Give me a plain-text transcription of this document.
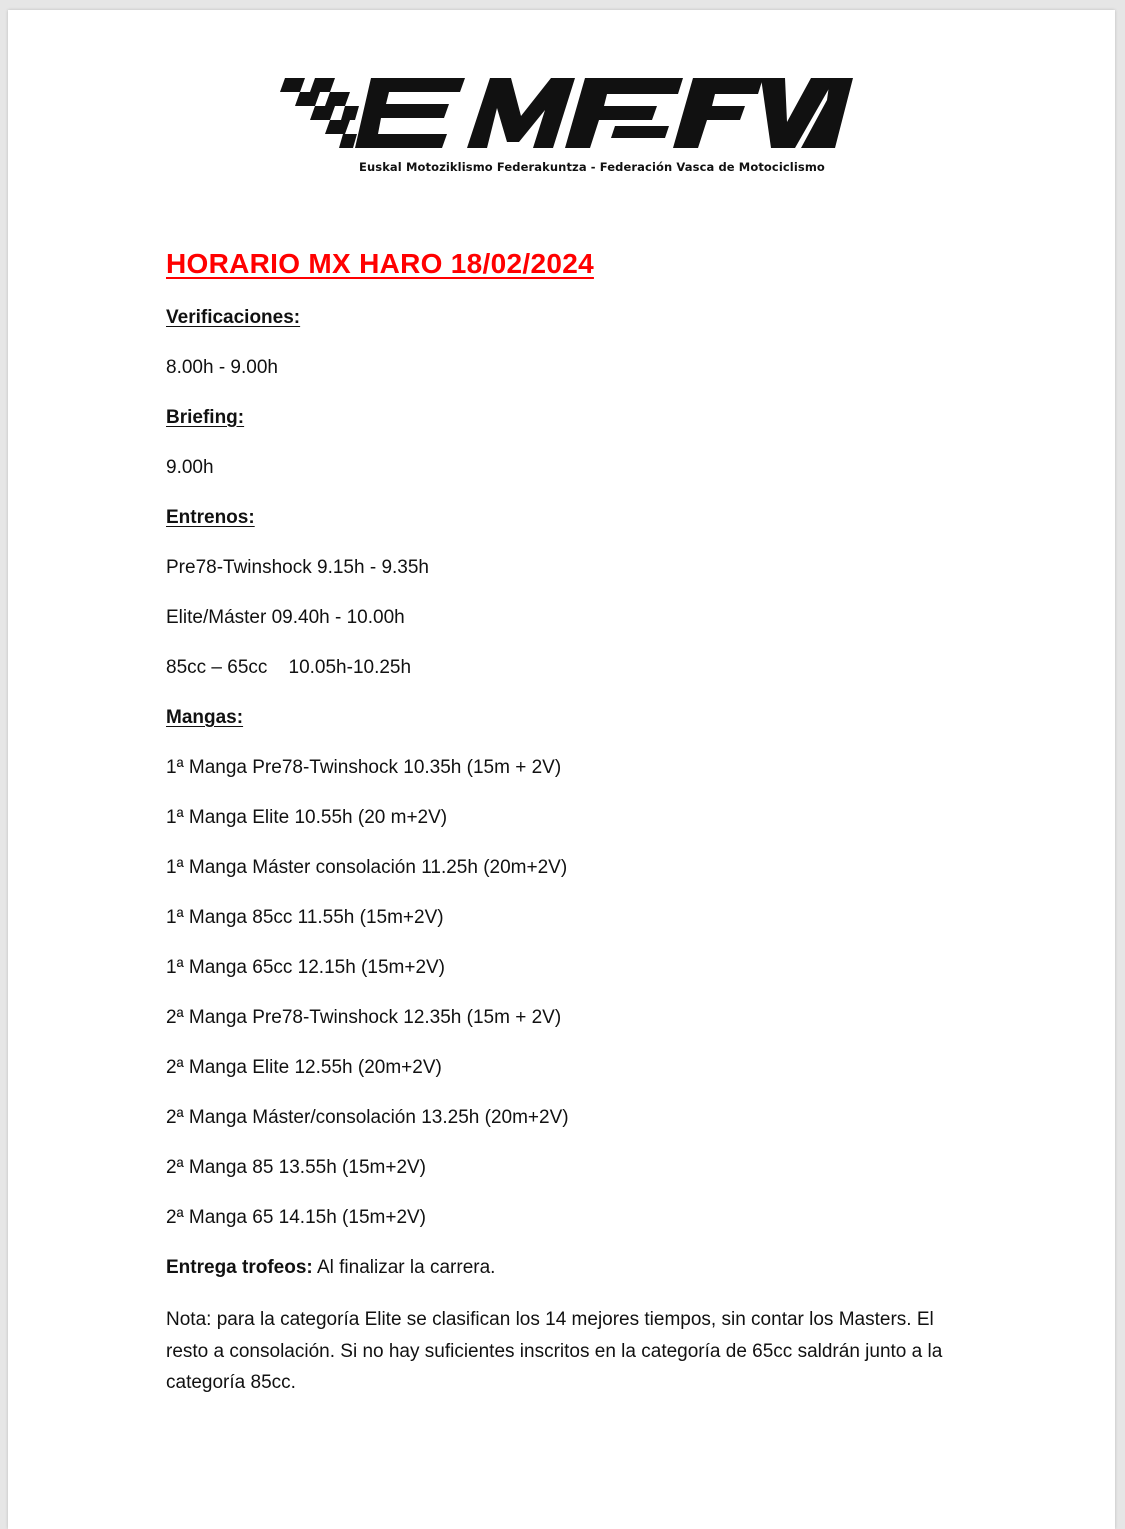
Euskal Motoziklismo Federakuntza - Federación Vasca de Motociclismo
HORARIO MX HARO 18/02/2024
Verificaciones:
8.00h - 9.00h
Briefing:
9.00h
Entrenos:
Pre78-Twinshock 9.15h - 9.35h
Elite/Máster 09.40h - 10.00h
85cc – 65cc    10.05h-10.25h
Mangas:
1ª Manga Pre78-Twinshock 10.35h (15m + 2V)
1ª Manga Elite 10.55h (20 m+2V)
1ª Manga Máster consolación 11.25h (20m+2V)
1ª Manga 85cc 11.55h (15m+2V)
1ª Manga 65cc 12.15h (15m+2V)
2ª Manga Pre78-Twinshock 12.35h (15m + 2V)
2ª Manga Elite 12.55h (20m+2V)
2ª Manga Máster/consolación 13.25h (20m+2V)
2ª Manga 85 13.55h (15m+2V)
2ª Manga 65 14.15h (15m+2V)
Entrega trofeos: Al finalizar la carrera.
Nota: para la categoría Elite se clasifican los 14 mejores tiempos, sin contar los Masters. El resto a consolación. Si no hay suficientes inscritos en la categoría de 65cc saldrán junto a la categoría 85cc.
